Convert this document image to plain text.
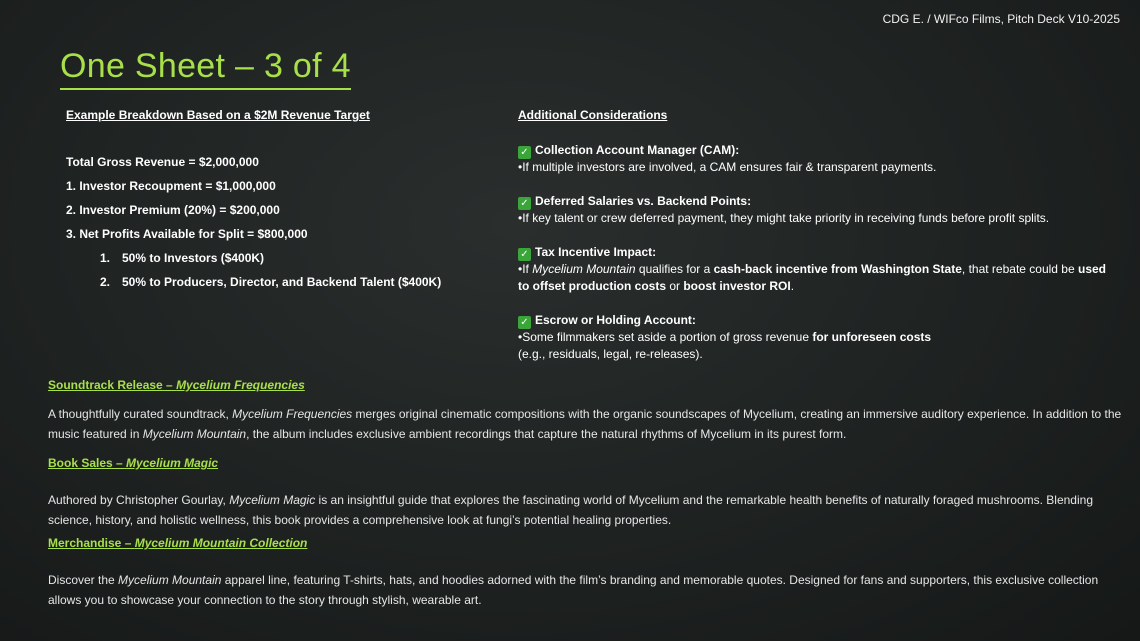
CDG E. / WIFco Films, Pitch Deck V10-2025
One Sheet – 3 of 4
Example Breakdown Based on a $2M Revenue Target
Total Gross Revenue = $2,000,000
1. Investor Recoupment = $1,000,000
2. Investor Premium (20%) = $200,000
3. Net Profits Available for Split = $800,000
1. 50% to Investors ($400K)
2. 50% to Producers, Director, and Backend Talent ($400K)
Additional Considerations
✓ Collection Account Manager (CAM):
•If multiple investors are involved, a CAM ensures fair & transparent payments.
✓ Deferred Salaries vs. Backend Points:
•If key talent or crew deferred payment, they might take priority in receiving funds before profit splits.
✓ Tax Incentive Impact:
•If Mycelium Mountain qualifies for a cash-back incentive from Washington State, that rebate could be used to offset production costs or boost investor ROI.
✓ Escrow or Holding Account:
•Some filmmakers set aside a portion of gross revenue for unforeseen costs
(e.g., residuals, legal, re-releases).
Soundtrack Release – Mycelium Frequencies

A thoughtfully curated soundtrack, Mycelium Frequencies merges original cinematic compositions with the organic soundscapes of Mycelium, creating an immersive auditory experience. In addition to the music featured in Mycelium Mountain, the album includes exclusive ambient recordings that capture the natural rhythms of Mycelium in its purest form.

Book Sales – Mycelium Magic

Authored by Christopher Gourlay, Mycelium Magic is an insightful guide that explores the fascinating world of Mycelium and the remarkable health benefits of naturally foraged mushrooms. Blending science, history, and holistic wellness, this book provides a comprehensive look at fungi’s potential healing properties.

Merchandise – Mycelium Mountain Collection

Discover the Mycelium Mountain apparel line, featuring T-shirts, hats, and hoodies adorned with the film’s branding and memorable quotes. Designed for fans and supporters, this exclusive collection allows you to showcase your connection to the story through stylish, wearable art.
